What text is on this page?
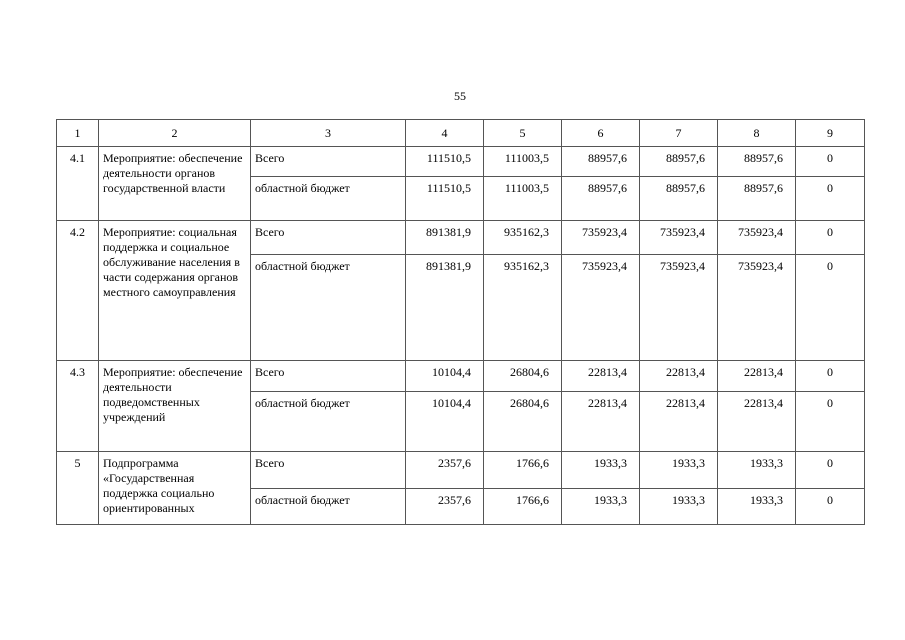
55
1	2	3	4	5	6	7	8	9
4.1	Мероприятие: обеспечение деятельности органов государственной власти	Всего	111510,5	111003,5	88957,6	88957,6	88957,6	0
		областной бюджет	111510,5	111003,5	88957,6	88957,6	88957,6	0
4.2	Мероприятие: социальная поддержка и социальное обслуживание населения в части содержания органов местного самоуправления	Всего	891381,9	935162,3	735923,4	735923,4	735923,4	0
		областной бюджет	891381,9	935162,3	735923,4	735923,4	735923,4	0
4.3	Мероприятие: обеспечение деятельности подведомственных учреждений	Всего	10104,4	26804,6	22813,4	22813,4	22813,4	0
		областной бюджет	10104,4	26804,6	22813,4	22813,4	22813,4	0
5	Подпрограмма «Государственная поддержка социально ориентированных	Всего	2357,6	1766,6	1933,3	1933,3	1933,3	0
		областной бюджет	2357,6	1766,6	1933,3	1933,3	1933,3	0
